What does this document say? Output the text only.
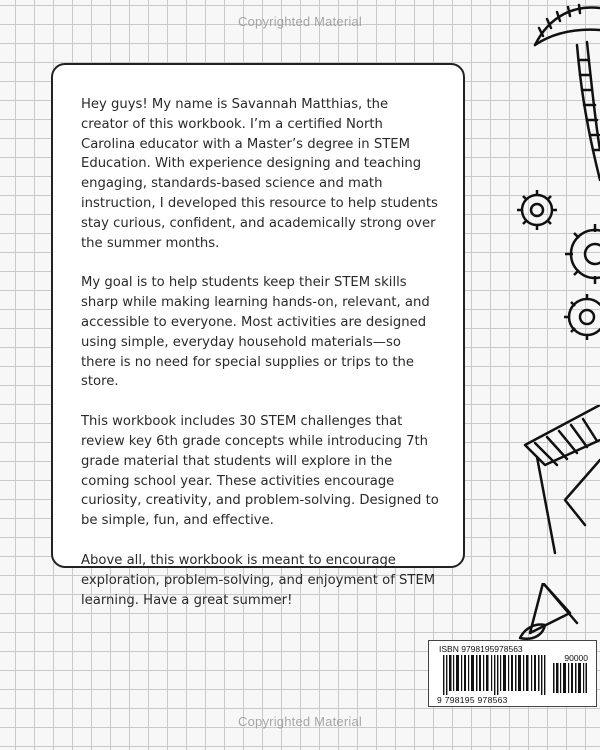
Copyrighted Material

Hey guys! My name is Savannah Matthias, the creator of this workbook. I’m a certified North Carolina educator with a Master’s degree in STEM Education. With experience designing and teaching engaging, standards-based science and math instruction, I developed this resource to help students stay curious, confident, and academically strong over the summer months.

My goal is to help students keep their STEM skills sharp while making learning hands-on, relevant, and accessible to everyone. Most activities are designed using simple, everyday household materials—so there is no need for special supplies or trips to the store.

This workbook includes 30 STEM challenges that review key 6th grade concepts while introducing 7th grade material that students will explore in the coming school year. These activities encourage curiosity, creativity, and problem-solving. Designed to be simple, fun, and effective.

Above all, this workbook is meant to encourage exploration, problem-solving, and enjoyment of STEM learning. Have a great summer!

ISBN 9798195978563
90000
9 798195 978563
Copyrighted Material
